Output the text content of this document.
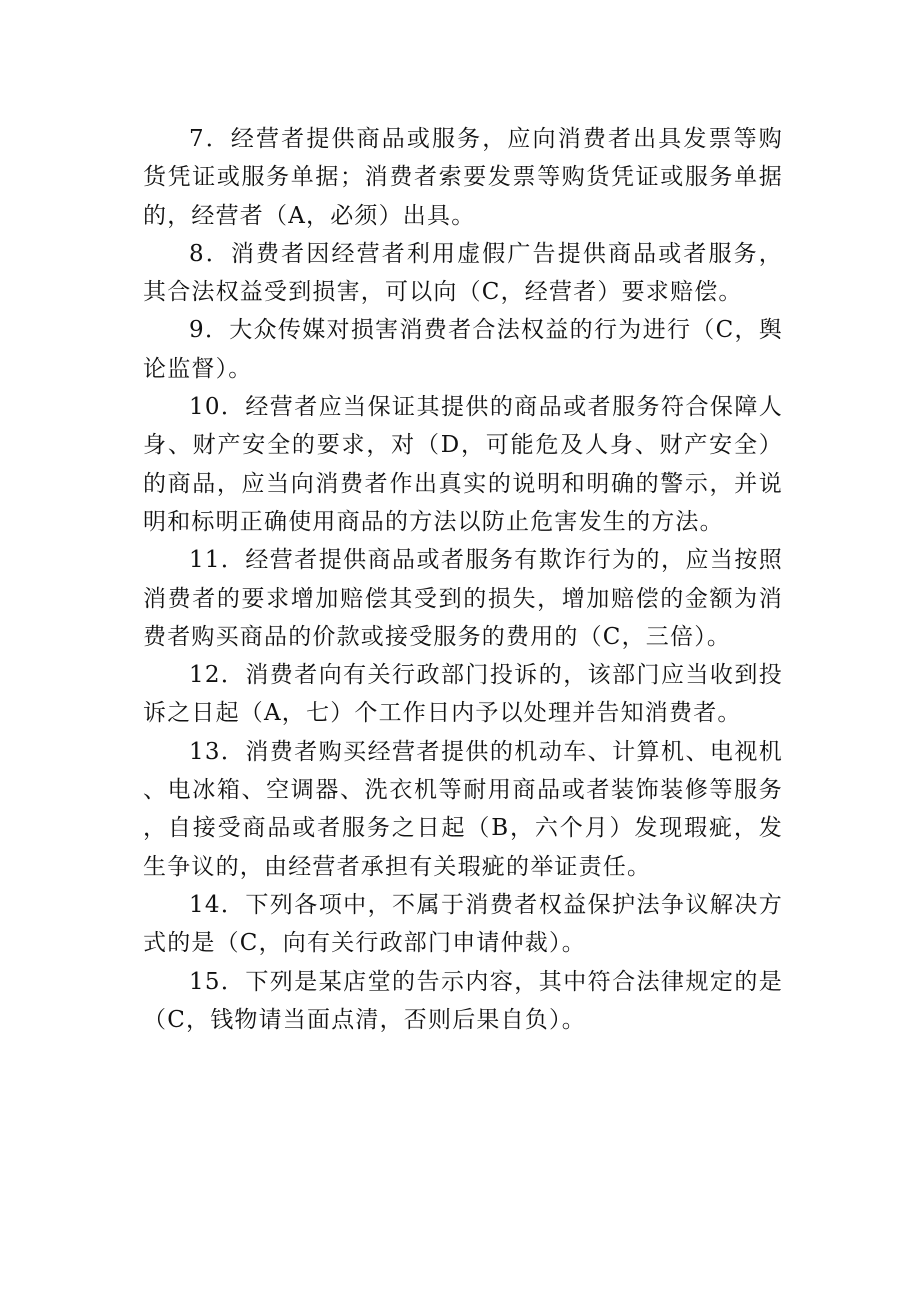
7．经营者提供商品或服务，应向消费者出具发票等购货凭证或服务单据；消费者索要发票等购货凭证或服务单据的，经营者（A，必须）出具。

8．消费者因经营者利用虚假广告提供商品或者服务，其合法权益受到损害，可以向（C，经营者）要求赔偿。

9．大众传媒对损害消费者合法权益的行为进行（C，舆论监督）。

10．经营者应当保证其提供的商品或者服务符合保障人身、财产安全的要求，对（D，可能危及人身、财产安全）的商品，应当向消费者作出真实的说明和明确的警示，并说明和标明正确使用商品的方法以防止危害发生的方法。

11．经营者提供商品或者服务有欺诈行为的，应当按照消费者的要求增加赔偿其受到的损失，增加赔偿的金额为消费者购买商品的价款或接受服务的费用的（C，三倍）。

12．消费者向有关行政部门投诉的，该部门应当收到投诉之日起（A，七）个工作日内予以处理并告知消费者。

13．消费者购买经营者提供的机动车、计算机、电视机、电冰箱、空调器、洗衣机等耐用商品或者装饰装修等服务，自接受商品或者服务之日起（B，六个月）发现瑕疵，发生争议的，由经营者承担有关瑕疵的举证责任。

14．下列各项中，不属于消费者权益保护法争议解决方式的是（C，向有关行政部门申请仲裁）。

15．下列是某店堂的告示内容，其中符合法律规定的是（C，钱物请当面点清，否则后果自负）。
